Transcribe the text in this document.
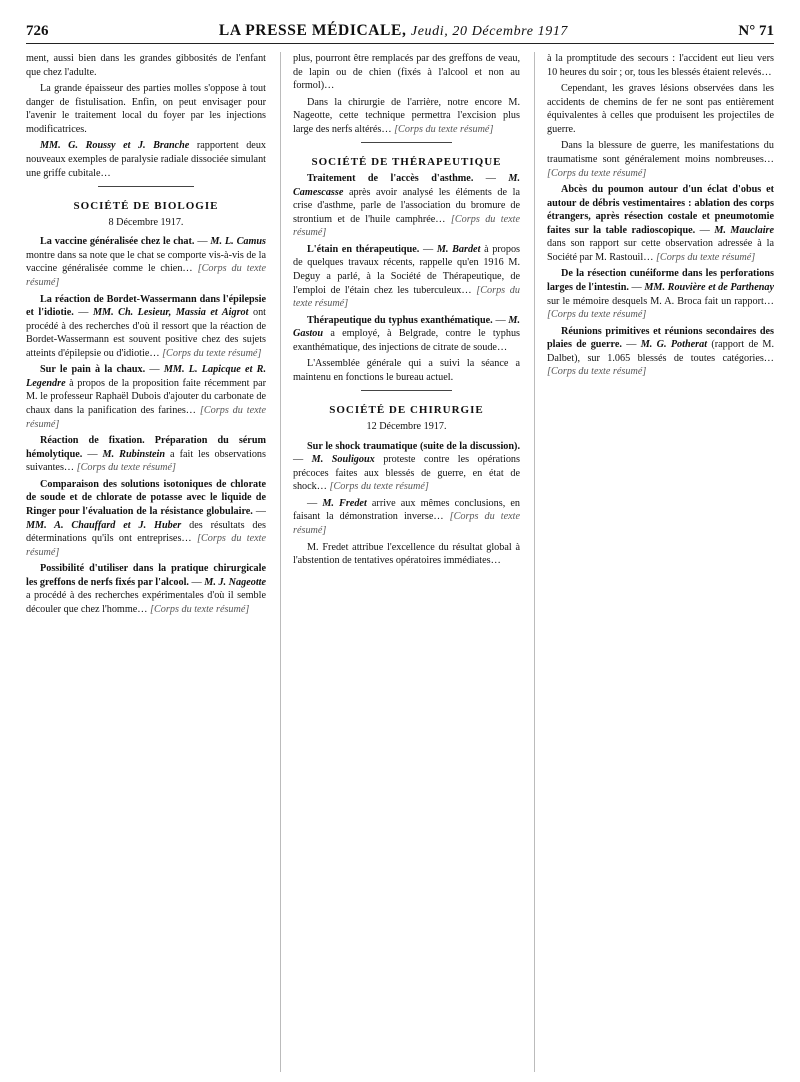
726	LA PRESSE MÉDICALE, Jeudi, 20 Décembre 1917	N° 71

ment, aussi bien dans les grandes gibbosités de l'enfant que chez l'adulte.

La grande épaisseur des parties molles s'oppose à tout danger de fistulisation. Enfin, on peut envisager pour l'avenir le traitement local du foyer par les injections modificatrices.

MM. G. Roussy et J. Branche rapportent deux nouveaux exemples de paralysie radiale dissociée simulant une griffe cubitale…

SOCIÉTÉ DE BIOLOGIE
8 Décembre 1917.

La vaccine généralisée chez le chat. — M. L. Camus montre dans sa note que le chat se comporte vis-à-vis de la vaccine généralisée comme le chien… [Corps du texte résumé]

La réaction de Bordet-Wassermann dans l'épilepsie et l'idiotie. — MM. Ch. Lesieur, Massia et Aigrot ont procédé à des recherches d'où il ressort que la réaction de Bordet-Wassermann est souvent positive chez des sujets atteints d'épilepsie ou d'idiotie… [Corps du texte résumé]

Sur le pain à la chaux. — MM. L. Lapicque et R. Legendre à propos de la proposition faite récemment par M. le professeur Raphaël Dubois d'ajouter du carbonate de chaux dans la panification des farines… [Corps du texte résumé]

Réaction de fixation. Préparation du sérum hémolytique. — M. Rubinstein a fait les observations suivantes… [Corps du texte résumé]

Comparaison des solutions isotoniques de chlorate de soude et de chlorate de potasse avec le liquide de Ringer pour l'évaluation de la résistance globulaire. — MM. A. Chauffard et J. Huber des résultats des déterminations qu'ils ont entreprises… [Corps du texte résumé]

Possibilité d'utiliser dans la pratique chirurgicale les greffons de nerfs fixés par l'alcool. — M. J. Nageotte a procédé à des recherches expérimentales d'où il semble découler que chez l'homme… [Corps du texte résumé]

plus, pourront être remplacés par des greffons de veau, de lapin ou de chien (fixés à l'alcool et non au formol)…

Dans la chirurgie de l'arrière, notre encore M. Nageotte, cette technique permettra l'excision plus large des nerfs altérés… [Corps du texte résumé]

SOCIÉTÉ DE THÉRAPEUTIQUE

Traitement de l'accès d'asthme. — M. Camescasse après avoir analysé les éléments de la crise d'asthme, parle de l'association du bromure de strontium et de l'huile camphrée… [Corps du texte résumé]

L'étain en thérapeutique. — M. Bardet à propos de quelques travaux récents, rappelle qu'en 1916 M. Deguy a parlé, à la Société de Thérapeutique, de l'emploi de l'étain chez les tuberculeux… [Corps du texte résumé]

Thérapeutique du typhus exanthématique. — M. Gastou a employé, à Belgrade, contre le typhus exanthématique, des injections de citrate de soude…

L'Assemblée générale qui a suivi la séance a maintenu en fonctions le bureau actuel.

SOCIÉTÉ DE CHIRURGIE
12 Décembre 1917.

Sur le shock traumatique (suite de la discussion). — M. Souligoux proteste contre les opérations précoces faites aux blessés de guerre, en état de shock… [Corps du texte résumé]

— M. Fredet arrive aux mêmes conclusions, en faisant la démonstration inverse… [Corps du texte résumé]

M. Fredet attribue l'excellence du résultat global à l'abstention de tentatives opératoires immédiates…

à la promptitude des secours : l'accident eut lieu vers 10 heures du soir ; or, tous les blessés étaient relevés…

Cependant, les graves lésions observées dans les accidents de chemins de fer ne sont pas entièrement équivalentes à celles que produisent les projectiles de guerre.

Dans la blessure de guerre, les manifestations du traumatisme sont généralement moins nombreuses… [Corps du texte résumé]

Abcès du poumon autour d'un éclat d'obus et autour de débris vestimentaires : ablation des corps étrangers, après résection costale et pneumotomie faites sur la table radioscopique. — M. Mauclaire dans son rapport sur cette observation adressée à la Société par M. Rastouil… [Corps du texte résumé]

De la résection cunéiforme dans les perforations larges de l'intestin. — MM. Rouvière et de Parthenay sur le mémoire desquels M. A. Broca fait un rapport… [Corps du texte résumé]

Réunions primitives et réunions secondaires des plaies de guerre. — M. G. Potherat (rapport de M. Dalbet), sur 1.065 blessés de toutes catégories… [Corps du texte résumé]
